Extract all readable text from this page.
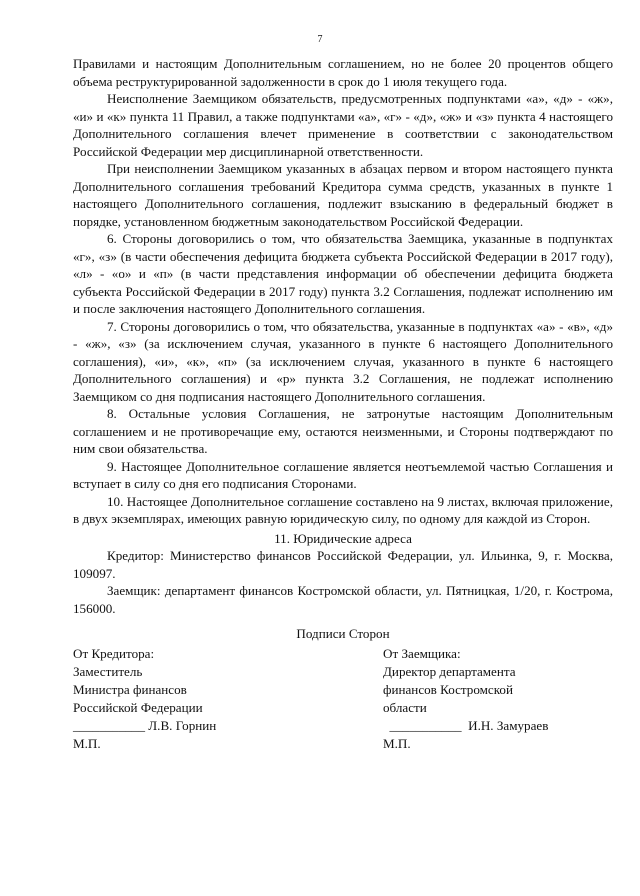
7

Правилами и настоящим Дополнительным соглашением, но не более 20 процентов общего объема реструктурированной задолженности в срок до 1 июля текущего года.

Неисполнение Заемщиком обязательств, предусмотренных подпунктами «а», «д» - «ж», «и» и «к» пункта 11 Правил, а также подпунктами «а», «г» - «д», «ж» и «з» пункта 4 настоящего Дополнительного соглашения влечет применение в соответствии с законодательством Российской Федерации мер дисциплинарной ответственности.

При неисполнении Заемщиком указанных в абзацах первом и втором настоящего пункта Дополнительного соглашения требований Кредитора сумма средств, указанных в пункте 1 настоящего Дополнительного соглашения, подлежит взысканию в федеральный бюджет в порядке, установленном бюджетным законодательством Российской Федерации.

6. Стороны договорились о том, что обязательства Заемщика, указанные в подпунктах «г», «з» (в части обеспечения дефицита бюджета субъекта Российской Федерации в 2017 году), «л» - «о» и «п» (в части представления информации об обеспечении дефицита бюджета субъекта Российской Федерации в 2017 году) пункта 3.2 Соглашения, подлежат исполнению им и после заключения настоящего Дополнительного соглашения.

7. Стороны договорились о том, что обязательства, указанные в подпунктах «а» - «в», «д» - «ж», «з» (за исключением случая, указанного в пункте 6 настоящего Дополнительного соглашения), «и», «к», «п» (за исключением случая, указанного в пункте 6 настоящего Дополнительного соглашения) и «р» пункта 3.2 Соглашения, не подлежат исполнению Заемщиком со дня подписания настоящего Дополнительного соглашения.

8. Остальные условия Соглашения, не затронутые настоящим Дополнительным соглашением и не противоречащие ему, остаются неизменными, и Стороны подтверждают по ним свои обязательства.

9. Настоящее Дополнительное соглашение является неотъемлемой частью Соглашения и вступает в силу со дня его подписания Сторонами.

10. Настоящее Дополнительное соглашение составлено на 9 листах, включая приложение, в двух экземплярах, имеющих равную юридическую силу, по одному для каждой из Сторон.

11. Юридические адреса

Кредитор: Министерство финансов Российской Федерации, ул. Ильинка, 9, г. Москва, 109097.

Заемщик: департамент финансов Костромской области, ул. Пятницкая, 1/20, г. Кострома, 156000.

Подписи Сторон

От Кредитора:
Заместитель
Министра финансов
Российской Федерации
___________ Л.В. Горнин
М.П.
От Заемщика:
Директор департамента
финансов Костромской
области
___________  И.Н. Замураев
М.П.
